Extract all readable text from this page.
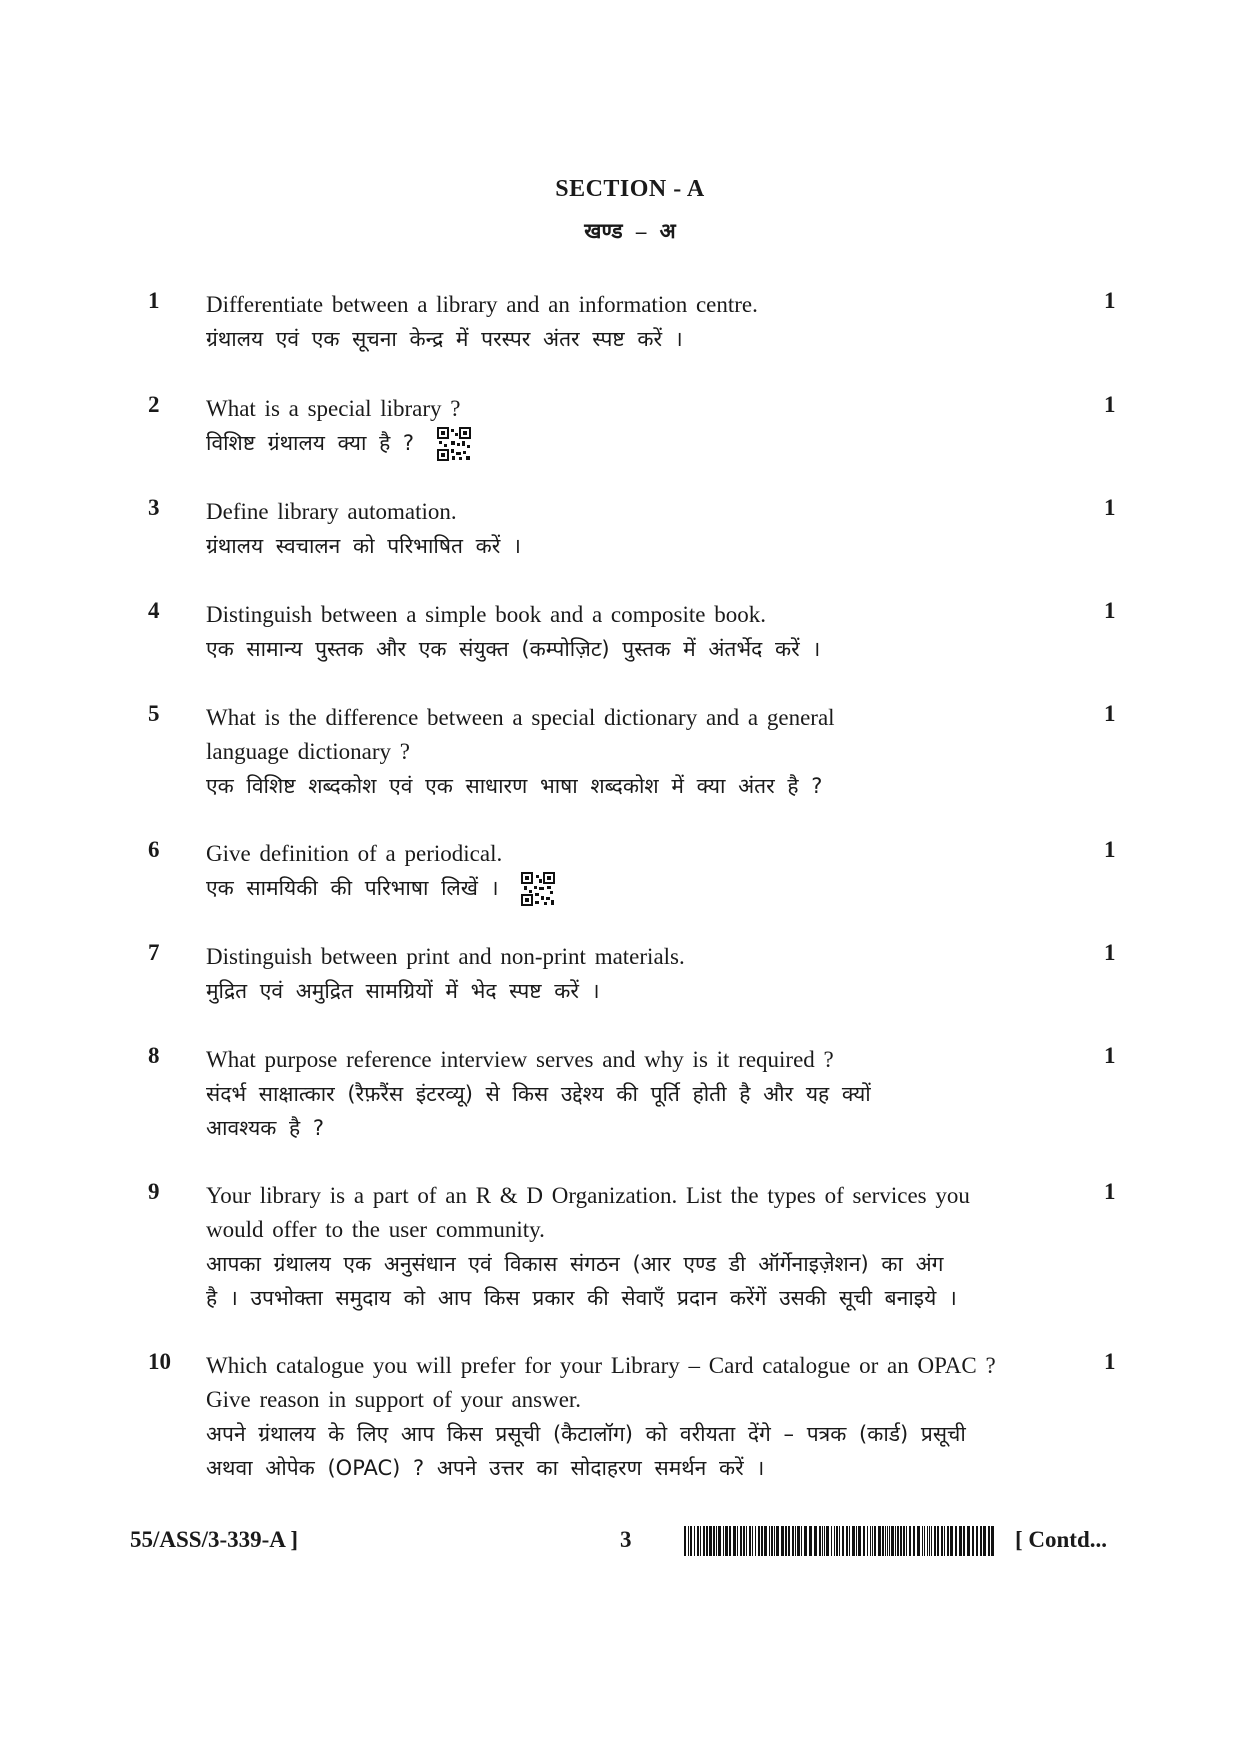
SECTION - A
खण्ड – अ
1 Differentiate between a library and an information centre.
ग्रंथालय एवं एक सूचना केन्द्र में परस्पर अंतर स्पष्ट करें ।
1
2 What is a special library ?
विशिष्ट ग्रंथालय क्या है ?
1
3 Define library automation.
ग्रंथालय स्वचालन को परिभाषित करें ।
1
4 Distinguish between a simple book and a composite book.
एक सामान्य पुस्तक और एक संयुक्त (कम्पोज़िट) पुस्तक में अंतर्भेद करें ।
1
5 What is the difference between a special dictionary and a general
language dictionary ?
एक विशिष्ट शब्दकोश एवं एक साधारण भाषा शब्दकोश में क्या अंतर है ?
1
6 Give definition of a periodical.
एक सामयिकी की परिभाषा लिखें ।
1
7 Distinguish between print and non-print materials.
मुद्रित एवं अमुद्रित सामग्रियों में भेद स्पष्ट करें ।
1
8 What purpose reference interview serves and why is it required ?
संदर्भ साक्षात्कार (रैफ़रैंस इंटरव्यू) से किस उद्देश्य की पूर्ति होती है और यह क्यों
आवश्यक है ?
1
9 Your library is a part of an R & D Organization. List the types of services you
would offer to the user community.
आपका ग्रंथालय एक अनुसंधान एवं विकास संगठन (आर एण्ड डी ऑर्गेनाइज़ेशन) का अंग
है । उपभोक्ता समुदाय को आप किस प्रकार की सेवाएँ प्रदान करेंगें उसकी सूची बनाइये ।
1
10 Which catalogue you will prefer for your Library – Card catalogue or an OPAC ?
Give reason in support of your answer.
अपने ग्रंथालय के लिए आप किस प्रसूची (कैटालॉग) को वरीयता देंगे – पत्रक (कार्ड) प्रसूची
अथवा ओपेक (OPAC) ? अपने उत्तर का सोदाहरण समर्थन करें ।
1
55/ASS/3-339-A ]	3	[ Contd...
